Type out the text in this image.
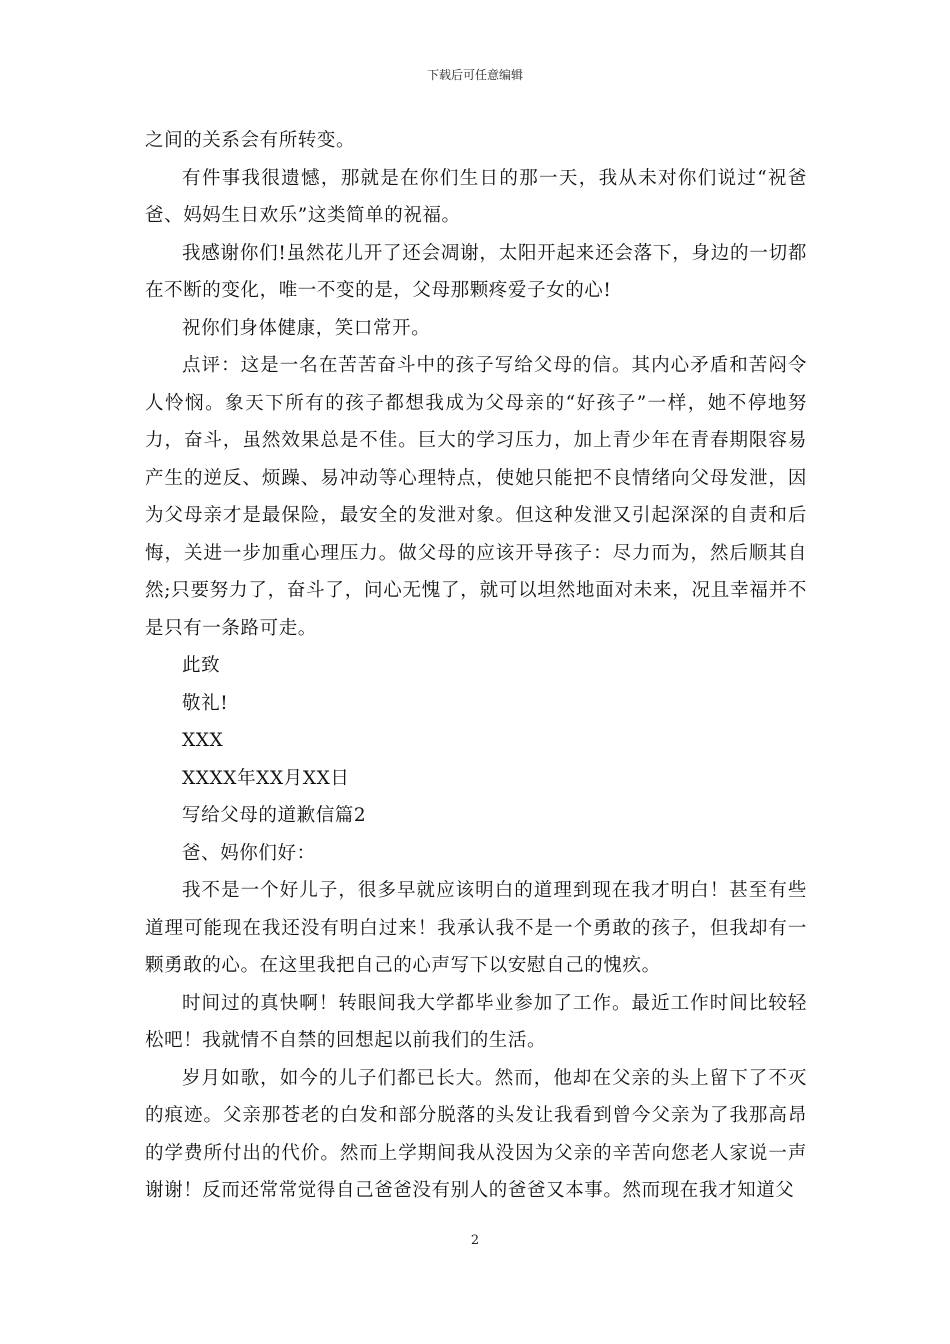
下载后可任意编辑

之间的关系会有所转变。

有件事我很遗憾，那就是在你们生日的那一天，我从未对你们说过“祝爸爸、妈妈生日欢乐”这类简单的祝福。

我感谢你们!虽然花儿开了还会凋谢，太阳开起来还会落下，身边的一切都在不断的变化，唯一不变的是，父母那颗疼爱子女的心!

祝你们身体健康，笑口常开。

点评：这是一名在苦苦奋斗中的孩子写给父母的信。其内心矛盾和苦闷令人怜悯。象天下所有的孩子都想我成为父母亲的“好孩子”一样，她不停地努力，奋斗，虽然效果总是不佳。巨大的学习压力，加上青少年在青春期限容易产生的逆反、烦躁、易冲动等心理特点，使她只能把不良情绪向父母发泄，因为父母亲才是最保险，最安全的发泄对象。但这种发泄又引起深深的自责和后悔，关进一步加重心理压力。做父母的应该开导孩子：尽力而为，然后顺其自然;只要努力了，奋斗了，问心无愧了，就可以坦然地面对未来，况且幸福并不是只有一条路可走。

此致

敬礼!

XXX

XXXX年XX月XX日

写给父母的道歉信篇2

爸、妈你们好：

我不是一个好儿子，很多早就应该明白的道理到现在我才明白！甚至有些道理可能现在我还没有明白过来！我承认我不是一个勇敢的孩子，但我却有一颗勇敢的心。在这里我把自己的心声写下以安慰自己的愧疚。

时间过的真快啊！转眼间我大学都毕业参加了工作。最近工作时间比较轻松吧！我就情不自禁的回想起以前我们的生活。

岁月如歌，如今的儿子们都已长大。然而，他却在父亲的头上留下了不灭的痕迹。父亲那苍老的白发和部分脱落的头发让我看到曾今父亲为了我那高昂的学费所付出的代价。然而上学期间我从没因为父亲的辛苦向您老人家说一声谢谢！反而还常常觉得自己爸爸没有别人的爸爸又本事。然而现在我才知道父

2
